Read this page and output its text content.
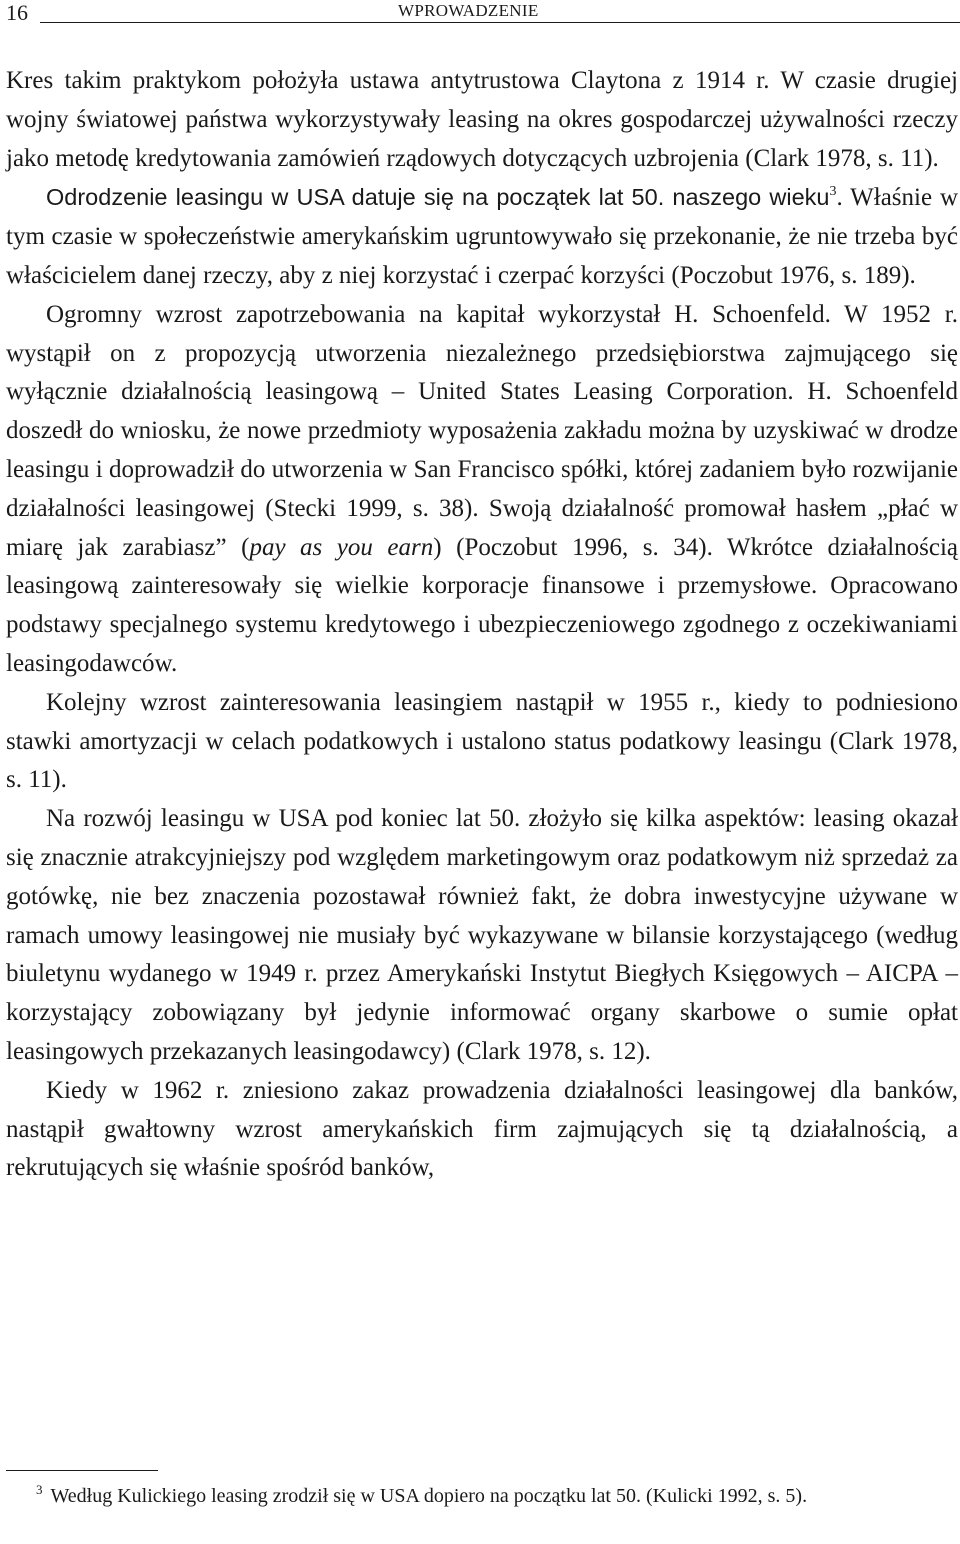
16	WPROWADZENIE

Kres takim praktykom położyła ustawa antytrustowa Claytona z 1914 r. W czasie drugiej wojny światowej państwa wykorzystywały leasing na okres gospodarczej używalności rzeczy jako metodę kredytowania zamówień rządowych dotyczących uzbrojenia (Clark 1978, s. 11).

Odrodzenie leasingu w USA datuje się na początek lat 50. naszego wieku$^3$. Właśnie w tym czasie w społeczeństwie amerykańskim ugruntowywało się przekonanie, że nie trzeba być właścicielem danej rzeczy, aby z niej korzystać i czerpać korzyści (Poczobut 1976, s. 189).

Ogromny wzrost zapotrzebowania na kapitał wykorzystał H. Schoenfeld. W 1952 r. wystąpił on z propozycją utworzenia niezależnego przedsiębiorstwa zajmującego się wyłącznie działalnością leasingową – United States Leasing Corporation. H. Schoenfeld doszedł do wniosku, że nowe przedmioty wyposażenia zakładu można by uzyskiwać w drodze leasingu i doprowadził do utworzenia w San Francisco spółki, której zadaniem było rozwijanie działalności leasingowej (Stecki 1999, s. 38). Swoją działalność promował hasłem „płać w miarę jak zarabiasz” (pay as you earn) (Poczobut 1996, s. 34). Wkrótce działalnością leasingową zainteresowały się wielkie korporacje finansowe i przemysłowe. Opracowano podstawy specjalnego systemu kredytowego i ubezpieczeniowego zgodnego z oczekiwaniami leasingodawców.

Kolejny wzrost zainteresowania leasingiem nastąpił w 1955 r., kiedy to podniesiono stawki amortyzacji w celach podatkowych i ustalono status podatkowy leasingu (Clark 1978, s. 11).

Na rozwój leasingu w USA pod koniec lat 50. złożyło się kilka aspektów: leasing okazał się znacznie atrakcyjniejszy pod względem marketingowym oraz podatkowym niż sprzedaż za gotówkę, nie bez znaczenia pozostawał również fakt, że dobra inwestycyjne używane w ramach umowy leasingowej nie musiały być wykazywane w bilansie korzystającego (według biuletynu wydanego w 1949 r. przez Amerykański Instytut Biegłych Księgowych – AICPA – korzystający zobowiązany był jedynie informować organy skarbowe o sumie opłat leasingowych przekazanych leasingodawcy) (Clark 1978, s. 12).

Kiedy w 1962 r. zniesiono zakaz prowadzenia działalności leasingowej dla banków, nastąpił gwałtowny wzrost amerykańskich firm zajmujących się tą działalnością, a rekrutujących się właśnie spośród banków,

$^3$ Według Kulickiego leasing zrodził się w USA dopiero na początku lat 50. (Kulicki 1992, s. 5).
